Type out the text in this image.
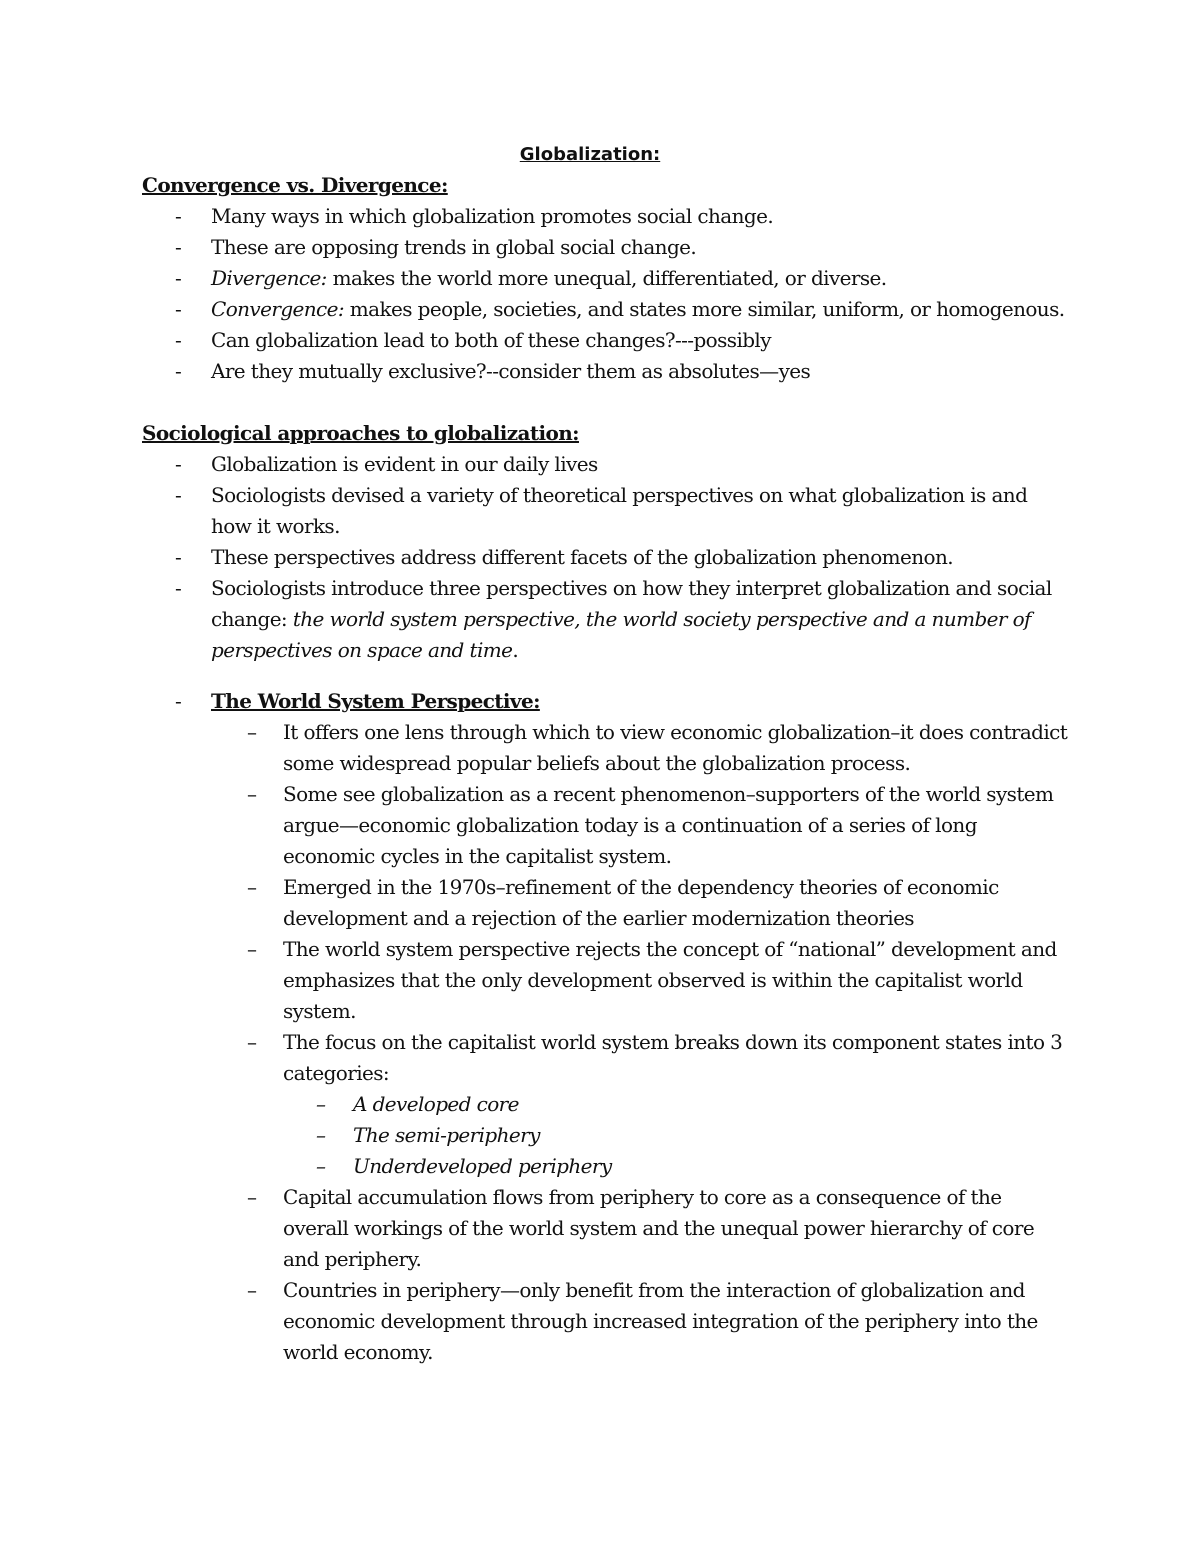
Globalization:

Convergence vs. Divergence:

- Many ways in which globalization promotes social change.
- These are opposing trends in global social change.
- Divergence: makes the world more unequal, differentiated, or diverse.
- Convergence: makes people, societies, and states more similar, uniform, or homogenous.
- Can globalization lead to both of these changes?---possibly
- Are they mutually exclusive?--consider them as absolutes—yes

Sociological approaches to globalization:

- Globalization is evident in our daily lives
- Sociologists devised a variety of theoretical perspectives on what globalization is and how it works.
- These perspectives address different facets of the globalization phenomenon.
- Sociologists introduce three perspectives on how they interpret globalization and social change: the world system perspective, the world society perspective and a number of perspectives on space and time.
- The World System Perspective:
– It offers one lens through which to view economic globalization–it does contradict some widespread popular beliefs about the globalization process.
– Some see globalization as a recent phenomenon–supporters of the world system argue—economic globalization today is a continuation of a series of long economic cycles in the capitalist system.
– Emerged in the 1970s–refinement of the dependency theories of economic development and a rejection of the earlier modernization theories
– The world system perspective rejects the concept of “national” development and emphasizes that the only development observed is within the capitalist world system.
– The focus on the capitalist world system breaks down its component states into 3 categories:
– A developed core
– The semi-periphery
– Underdeveloped periphery
– Capital accumulation flows from periphery to core as a consequence of the overall workings of the world system and the unequal power hierarchy of core and periphery.
– Countries in periphery—only benefit from the interaction of globalization and economic development through increased integration of the periphery into the world economy.
